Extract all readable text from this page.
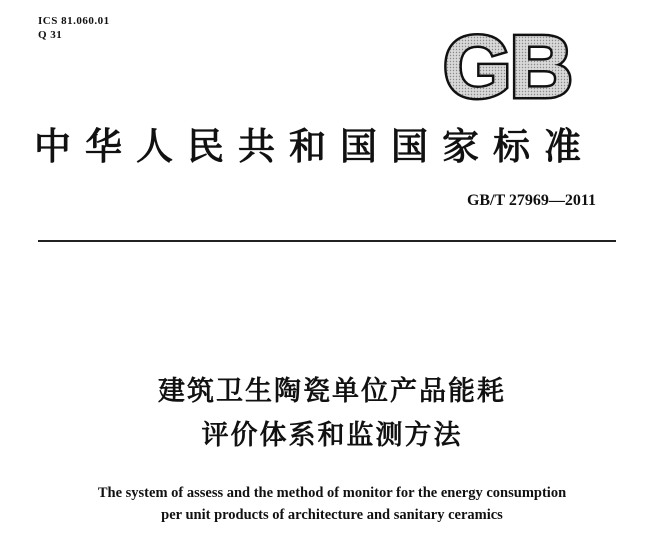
ICS 81.060.01
Q 31	GB
中华人民共和国国家标准
GB/T 27969—2011
建筑卫生陶瓷单位产品能耗
评价体系和监测方法
The system of assess and the method of monitor for the energy consumption
per unit products of architecture and sanitary ceramics
